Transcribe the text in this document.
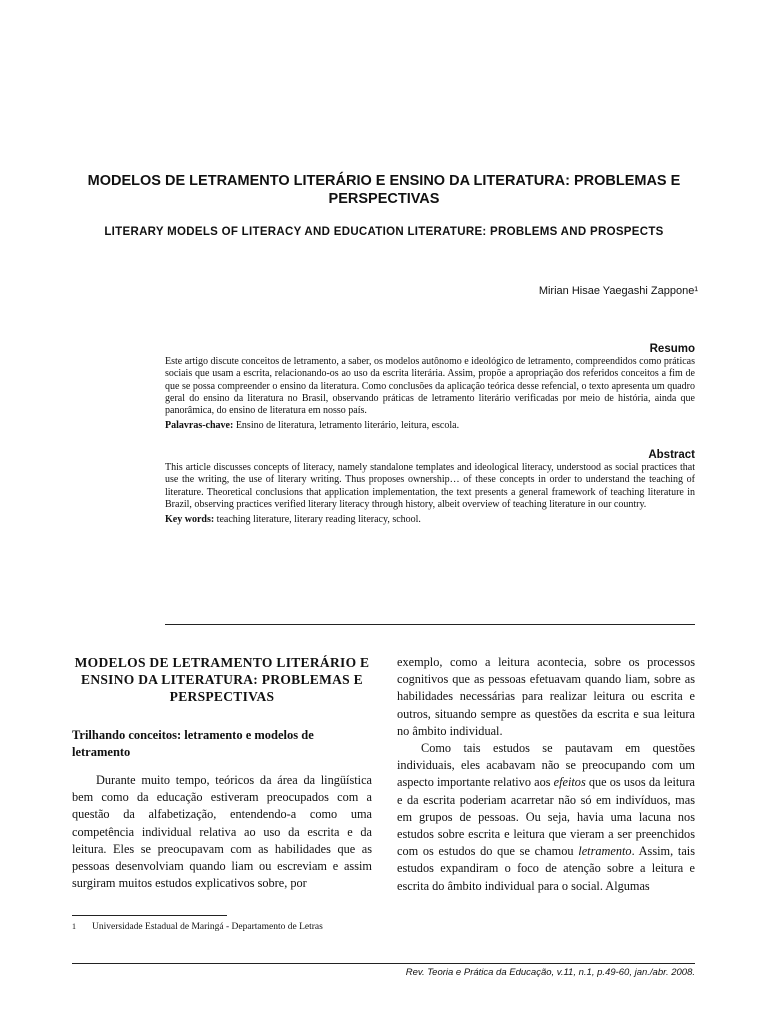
MODELOS DE LETRAMENTO LITERÁRIO E ENSINO DA LITERATURA: PROBLEMAS E PERSPECTIVAS
LITERARY MODELS OF LITERACY AND EDUCATION LITERATURE: PROBLEMS AND PROSPECTS
Mirian Hisae Yaegashi Zappone¹
Resumo
Este artigo discute conceitos de letramento, a saber, os modelos autônomo e ideológico de letramento, compreendidos como práticas sociais que usam a escrita, relacionando-os ao uso da escrita literária. Assim, propõe a apropriação dos referidos conceitos a fim de que se possa compreender o ensino da literatura. Como conclusões da aplicação teórica desse refencial, o texto apresenta um quadro geral do ensino da literatura no Brasil, observando práticas de letramento literário verificadas por meio de história, ainda que panorâmica, do ensino de literatura em nosso país.
Palavras-chave: Ensino de literatura, letramento literário, leitura, escola.
Abstract
This article discusses concepts of literacy, namely standalone templates and ideological literacy, understood as social practices that use the writing, the use of literary writing. Thus proposes ownership… of these concepts in order to understand the teaching of literature. Theoretical conclusions that application implementation, the text presents a general framework of teaching literature in Brazil, observing practices verified literary literacy through history, albeit overview of teaching literature in our country.
Key words: teaching literature, literary reading literacy, school.
MODELOS DE LETRAMENTO LITERÁRIO E ENSINO DA LITERATURA: PROBLEMAS E PERSPECTIVAS
Trilhando conceitos: letramento e modelos de letramento

Durante muito tempo, teóricos da área da lingüística bem como da educação estiveram preocupados com a questão da alfabetização, entendendo-a como uma competência individual relativa ao uso da escrita e da leitura. Eles se preocupavam com as habilidades que as pessoas desenvolviam quando liam ou escreviam e assim surgiram muitos estudos explicativos sobre, por

exemplo, como a leitura acontecia, sobre os processos cognitivos que as pessoas efetuavam quando liam, sobre as habilidades necessárias para realizar leitura ou escrita e outros, situando sempre as questões da escrita e sua leitura no âmbito individual.

Como tais estudos se pautavam em questões individuais, eles acabavam não se preocupando com um aspecto importante relativo aos efeitos que os usos da leitura e da escrita poderiam acarretar não só em indivíduos, mas em grupos de pessoas. Ou seja, havia uma lacuna nos estudos sobre escrita e leitura que vieram a ser preenchidos com os estudos do que se chamou letramento. Assim, tais estudos expandiram o foco de atenção sobre a leitura e escrita do âmbito individual para o social. Algumas

1 Universidade Estadual de Maringá - Departamento de Letras
Rev. Teoria e Prática da Educação, v.11, n.1, p.49-60, jan./abr. 2008.
